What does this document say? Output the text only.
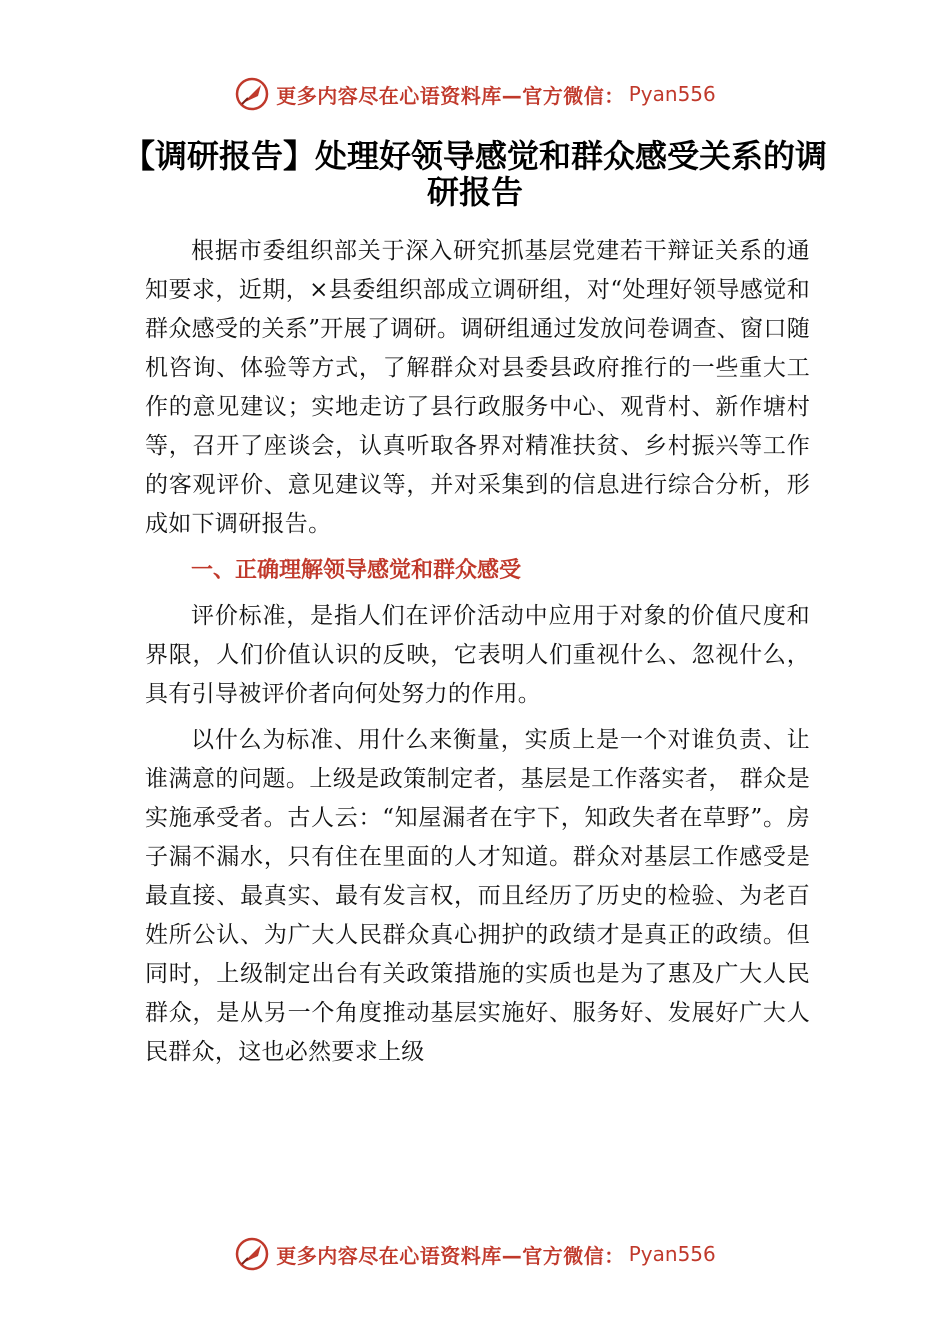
更多内容尽在心语资料库—官方微信： Pyan556
【调研报告】处理好领导感觉和群众感受关系的调研报告

根据市委组织部关于深入研究抓基层党建若干辩证关系的通知要求，近期，×县委组织部成立调研组，对“处理好领导感觉和群众感受的关系”开展了调研。调研组通过发放问卷调查、窗口随机咨询、体验等方式，了解群众对县委县政府推行的一些重大工作的意见建议；实地走访了县行政服务中心、观背村、新作塘村等，召开了座谈会，认真听取各界对精准扶贫、乡村振兴等工作的客观评价、意见建议等，并对采集到的信息进行综合分析，形成如下调研报告。

一、正确理解领导感觉和群众感受

评价标准，是指人们在评价活动中应用于对象的价值尺度和界限，人们价值认识的反映，它表明人们重视什么、忽视什么，具有引导被评价者向何处努力的作用。

以什么为标准、用什么来衡量，实质上是一个对谁负责、让谁满意的问题。上级是政策制定者，基层是工作落实者， 群众是实施承受者。古人云：“知屋漏者在宇下，知政失者在草野”。房子漏不漏水，只有住在里面的人才知道。群众对基层工作感受是最直接、最真实、最有发言权，而且经历了历史的检验、为老百姓所公认、为广大人民群众真心拥护的政绩才是真正的政绩。但同时，上级制定出台有关政策措施的实质也是为了惠及广大人民群众，是从另一个角度推动基层实施好、服务好、发展好广大人民群众，这也必然要求上级

更多内容尽在心语资料库—官方微信： Pyan556
